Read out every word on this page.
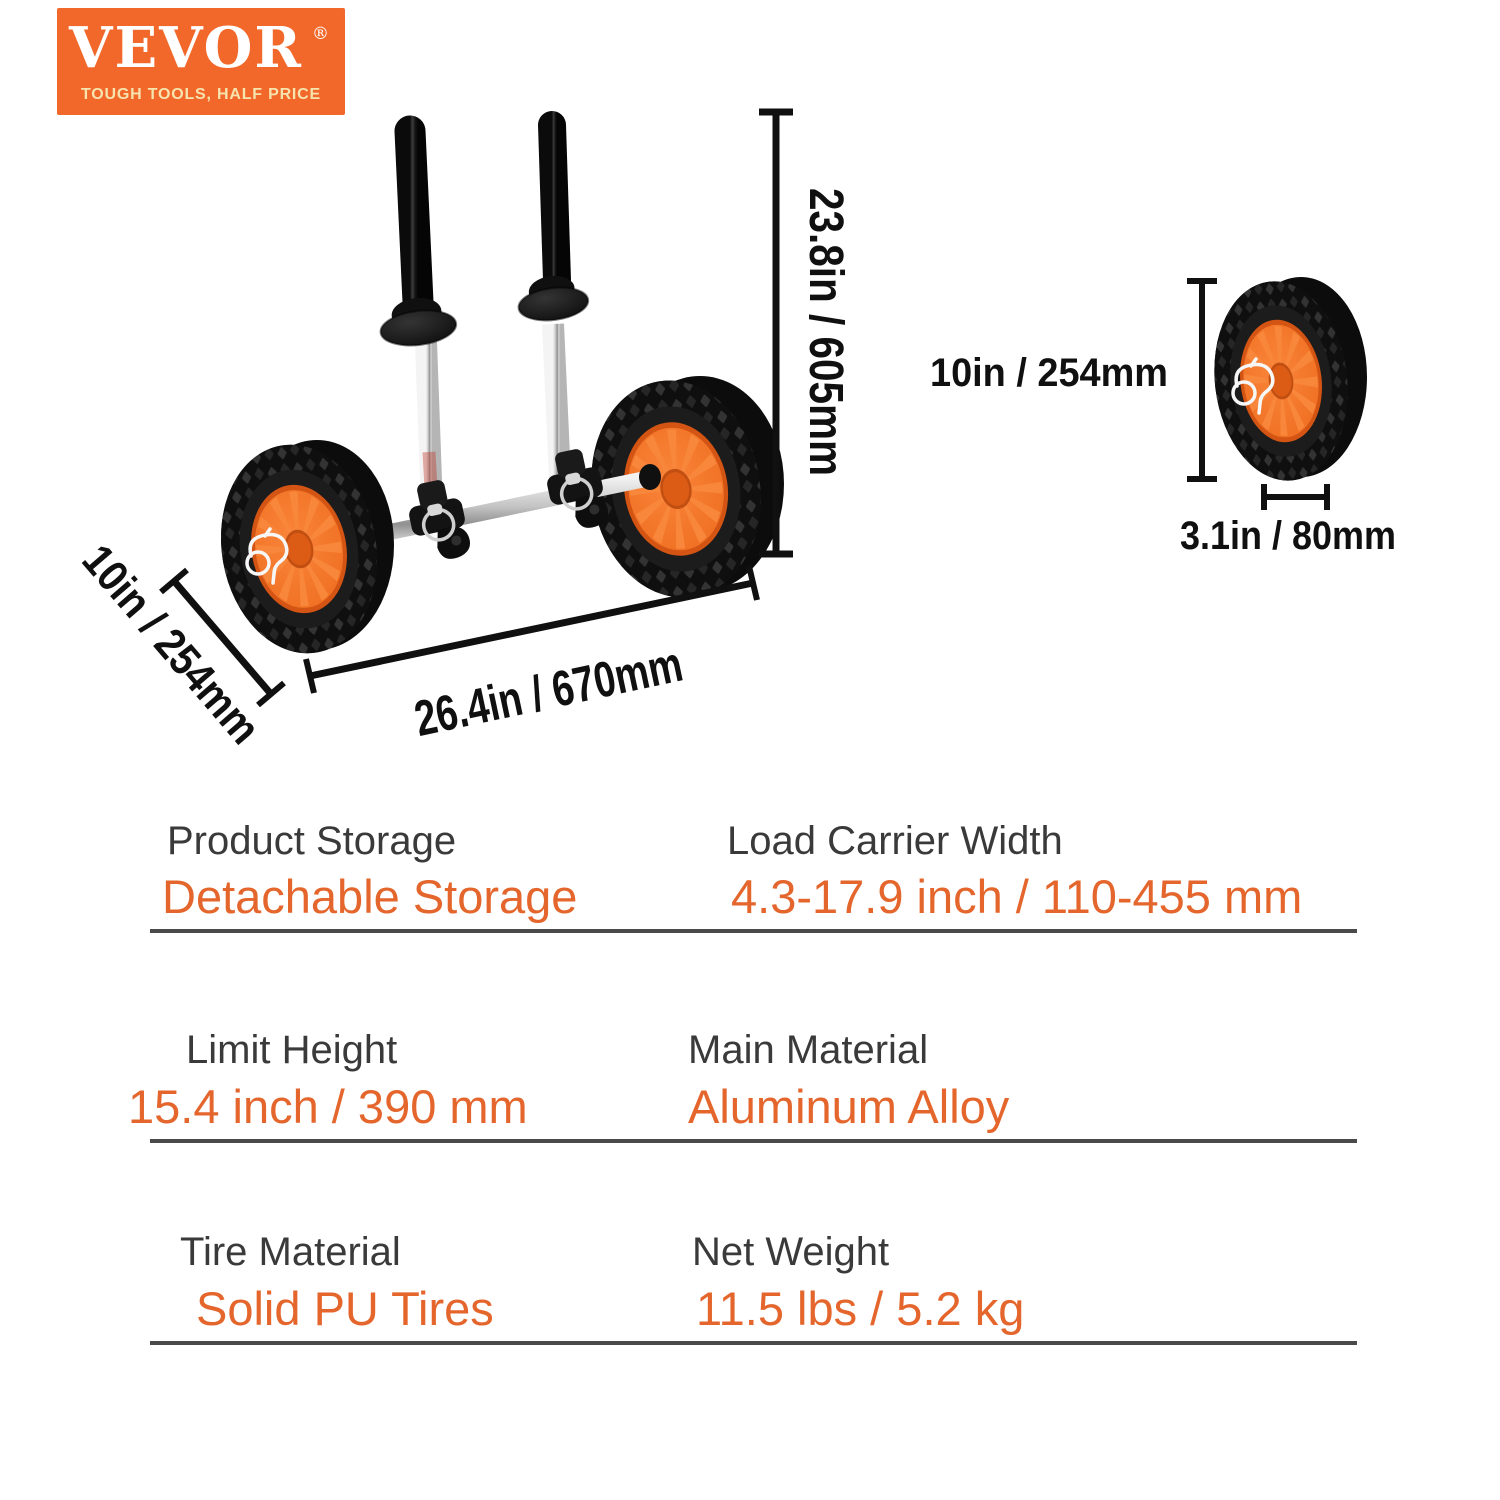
23.8in / 605mm
10in / 254mm 26.4in / 670mm
10in / 254mm
3.1in / 80mm
VEVOR ®
TOUGH TOOLS, HALF PRICE
Product Storage
Detachable Storage
Load Carrier Width
4.3-17.9 inch / 110-455 mm
Limit Height
15.4 inch / 390 mm
Main Material
Aluminum Alloy
Tire Material
Solid PU Tires
Net Weight
11.5 lbs / 5.2 kg
